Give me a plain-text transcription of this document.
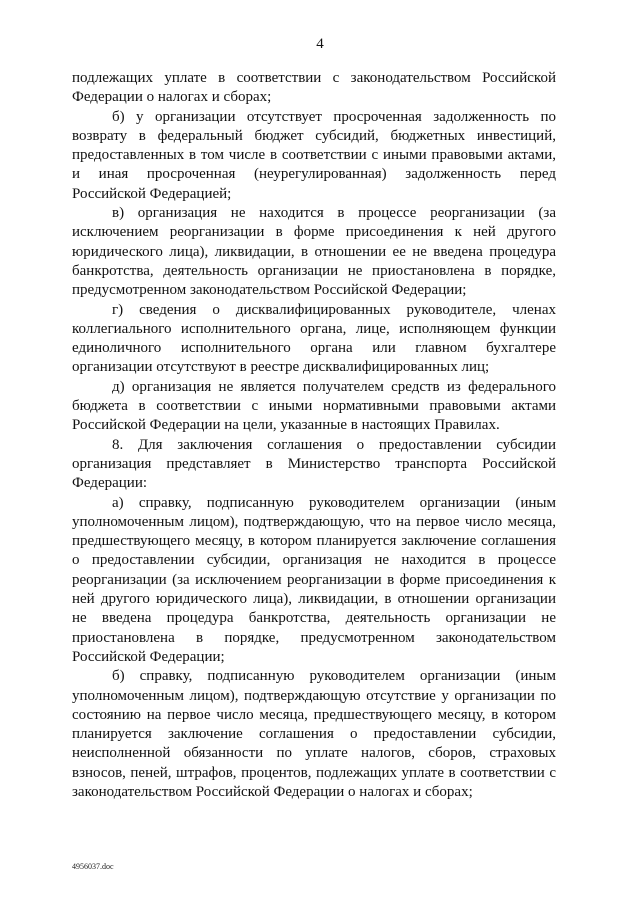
4

подлежащих уплате в соответствии с законодательством Российской Федерации о налогах и сборах;

б) у организации отсутствует просроченная задолженность по возврату в федеральный бюджет субсидий, бюджетных инвестиций, предоставленных в том числе в соответствии с иными правовыми актами, и иная просроченная (неурегулированная) задолженность перед Российской Федерацией;

в) организация не находится в процессе реорганизации (за исключением реорганизации в форме присоединения к ней другого юридического лица), ликвидации, в отношении ее не введена процедура банкротства, деятельность организации не приостановлена в порядке, предусмотренном законодательством Российской Федерации;

г) сведения о дисквалифицированных руководителе, членах коллегиального исполнительного органа, лице, исполняющем функции единоличного исполнительного органа или главном бухгалтере организации отсутствуют в реестре дисквалифицированных лиц;

д) организация не является получателем средств из федерального бюджета в соответствии с иными нормативными правовыми актами Российской Федерации на цели, указанные в настоящих Правилах.

8. Для заключения соглашения о предоставлении субсидии организация представляет в Министерство транспорта Российской Федерации:

а) справку, подписанную руководителем организации (иным уполномоченным лицом), подтверждающую, что на первое число месяца, предшествующего месяцу, в котором планируется заключение соглашения о предоставлении субсидии, организация не находится в процессе реорганизации (за исключением реорганизации в форме присоединения к ней другого юридического лица), ликвидации, в отношении организации не введена процедура банкротства, деятельность организации не приостановлена в порядке, предусмотренном законодательством Российской Федерации;

б) справку, подписанную руководителем организации (иным уполномоченным лицом), подтверждающую отсутствие у организации по состоянию на первое число месяца, предшествующего месяцу, в котором планируется заключение соглашения о предоставлении субсидии, неисполненной обязанности по уплате налогов, сборов, страховых взносов, пеней, штрафов, процентов, подлежащих уплате в соответствии с законодательством Российской Федерации о налогах и сборах;

4956037.doc
